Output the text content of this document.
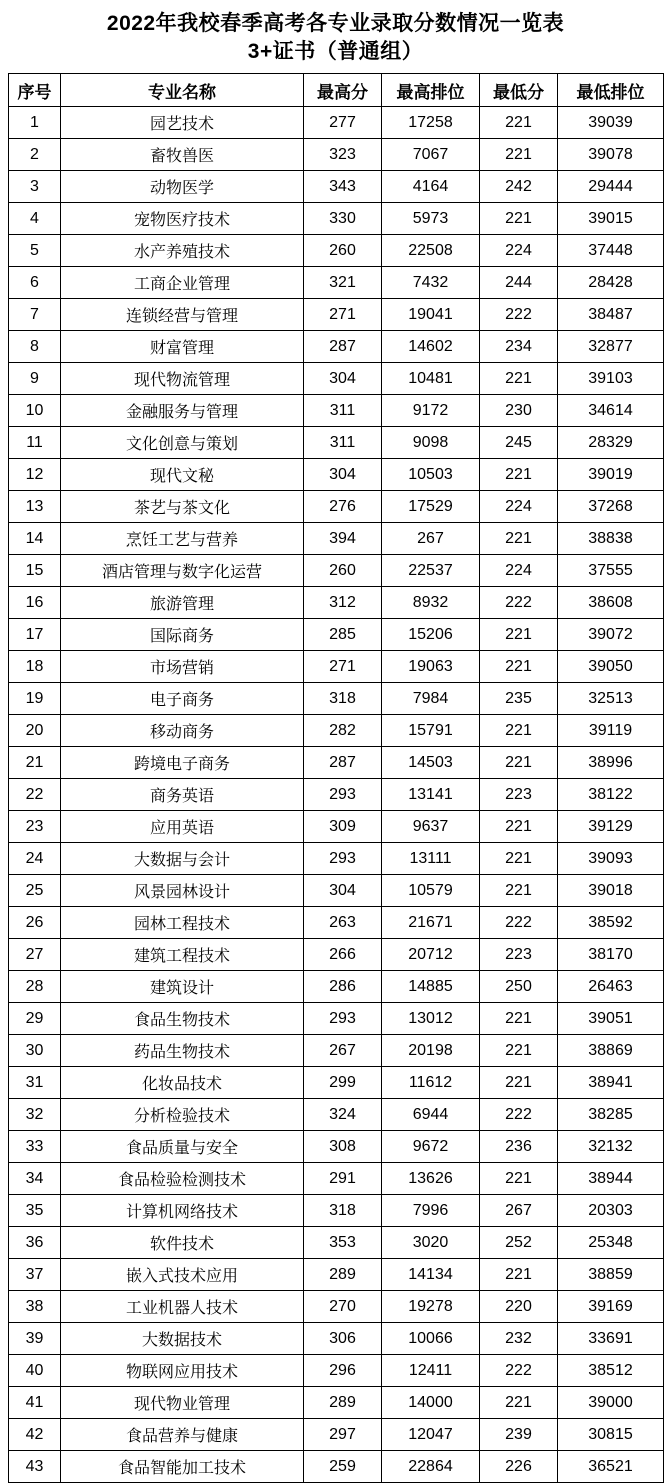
2022年我校春季高考各专业录取分数情况一览表
3+证书（普通组）
序号	专业名称	最高分	最高排位	最低分	最低排位
1	园艺技术	277	17258	221	39039
2	畜牧兽医	323	7067	221	39078
3	动物医学	343	4164	242	29444
4	宠物医疗技术	330	5973	221	39015
5	水产养殖技术	260	22508	224	37448
6	工商企业管理	321	7432	244	28428
7	连锁经营与管理	271	19041	222	38487
8	财富管理	287	14602	234	32877
9	现代物流管理	304	10481	221	39103
10	金融服务与管理	311	9172	230	34614
11	文化创意与策划	311	9098	245	28329
12	现代文秘	304	10503	221	39019
13	茶艺与茶文化	276	17529	224	37268
14	烹饪工艺与营养	394	267	221	38838
15	酒店管理与数字化运营	260	22537	224	37555
16	旅游管理	312	8932	222	38608
17	国际商务	285	15206	221	39072
18	市场营销	271	19063	221	39050
19	电子商务	318	7984	235	32513
20	移动商务	282	15791	221	39119
21	跨境电子商务	287	14503	221	38996
22	商务英语	293	13141	223	38122
23	应用英语	309	9637	221	39129
24	大数据与会计	293	13111	221	39093
25	风景园林设计	304	10579	221	39018
26	园林工程技术	263	21671	222	38592
27	建筑工程技术	266	20712	223	38170
28	建筑设计	286	14885	250	26463
29	食品生物技术	293	13012	221	39051
30	药品生物技术	267	20198	221	38869
31	化妆品技术	299	11612	221	38941
32	分析检验技术	324	6944	222	38285
33	食品质量与安全	308	9672	236	32132
34	食品检验检测技术	291	13626	221	38944
35	计算机网络技术	318	7996	267	20303
36	软件技术	353	3020	252	25348
37	嵌入式技术应用	289	14134	221	38859
38	工业机器人技术	270	19278	220	39169
39	大数据技术	306	10066	232	33691
40	物联网应用技术	296	12411	222	38512
41	现代物业管理	289	14000	221	39000
42	食品营养与健康	297	12047	239	30815
43	食品智能加工技术	259	22864	226	36521
